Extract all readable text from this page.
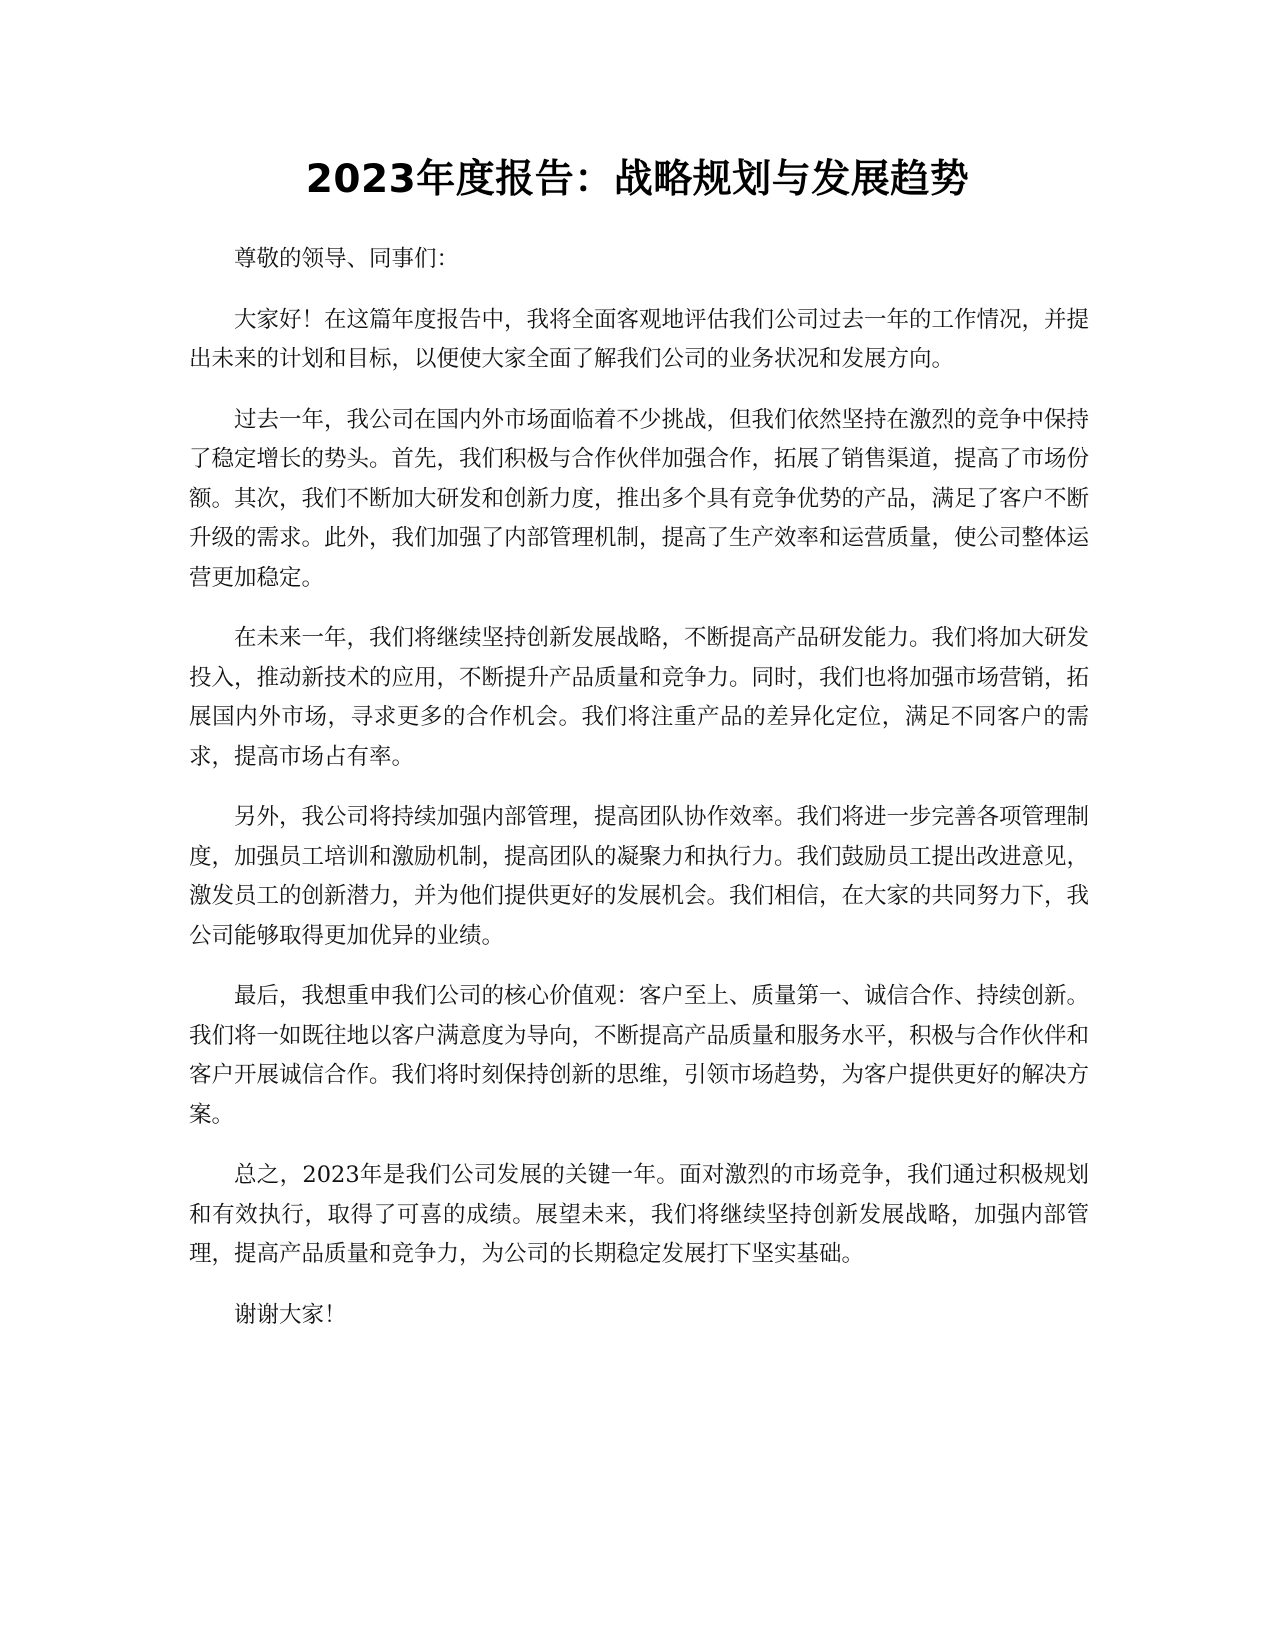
2023年度报告：战略规划与发展趋势

尊敬的领导、同事们：

大家好！在这篇年度报告中，我将全面客观地评估我们公司过去一年的工作情况，并提出未来的计划和目标，以便使大家全面了解我们公司的业务状况和发展方向。

过去一年，我公司在国内外市场面临着不少挑战，但我们依然坚持在激烈的竞争中保持了稳定增长的势头。首先，我们积极与合作伙伴加强合作，拓展了销售渠道，提高了市场份额。其次，我们不断加大研发和创新力度，推出多个具有竞争优势的产品，满足了客户不断升级的需求。此外，我们加强了内部管理机制，提高了生产效率和运营质量，使公司整体运营更加稳定。

在未来一年，我们将继续坚持创新发展战略，不断提高产品研发能力。我们将加大研发投入，推动新技术的应用，不断提升产品质量和竞争力。同时，我们也将加强市场营销，拓展国内外市场，寻求更多的合作机会。我们将注重产品的差异化定位，满足不同客户的需求，提高市场占有率。

另外，我公司将持续加强内部管理，提高团队协作效率。我们将进一步完善各项管理制度，加强员工培训和激励机制，提高团队的凝聚力和执行力。我们鼓励员工提出改进意见，激发员工的创新潜力，并为他们提供更好的发展机会。我们相信，在大家的共同努力下，我公司能够取得更加优异的业绩。

最后，我想重申我们公司的核心价值观：客户至上、质量第一、诚信合作、持续创新。我们将一如既往地以客户满意度为导向，不断提高产品质量和服务水平，积极与合作伙伴和客户开展诚信合作。我们将时刻保持创新的思维，引领市场趋势，为客户提供更好的解决方案。

总之，2023年是我们公司发展的关键一年。面对激烈的市场竞争，我们通过积极规划和有效执行，取得了可喜的成绩。展望未来，我们将继续坚持创新发展战略，加强内部管理，提高产品质量和竞争力，为公司的长期稳定发展打下坚实基础。

谢谢大家！
